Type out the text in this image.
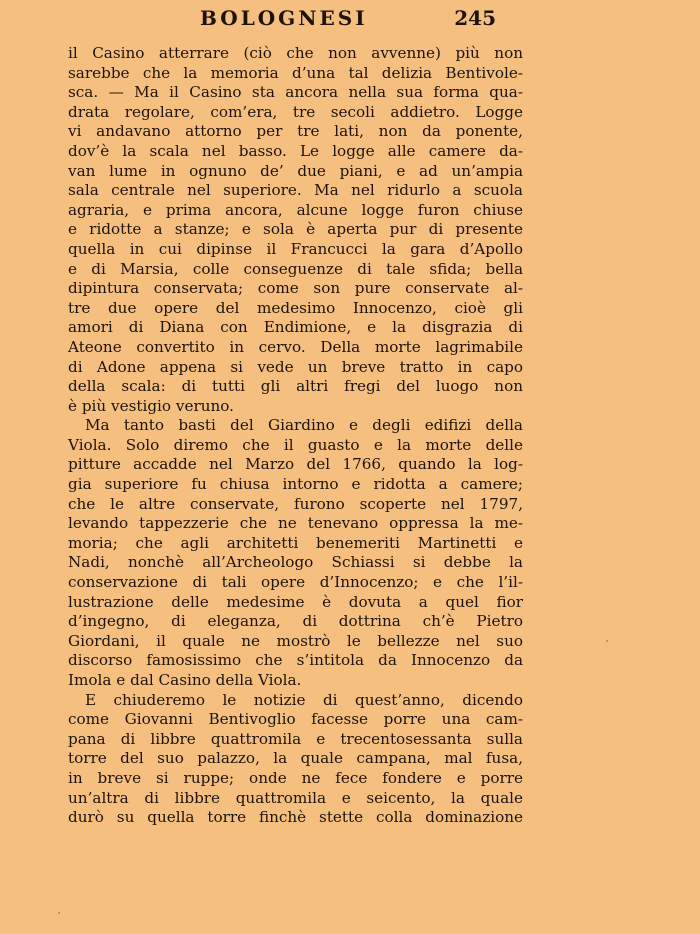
BOLOGNESI	245
il Casino atterrare (ciò che non avvenne) più non
sarebbe che la memoria d’una tal delizia Bentivole-
sca. — Ma il Casino sta ancora nella sua forma qua-
drata regolare, com’era, tre secoli addietro. Logge
vi andavano attorno per tre lati, non da ponente,
dov’è la scala nel basso. Le logge alle camere da-
van lume in ognuno de’ due piani, e ad un’ampia
sala centrale nel superiore. Ma nel ridurlo a scuola
agraria, e prima ancora, alcune logge furon chiuse
e ridotte a stanze; e sola è aperta pur di presente
quella in cui dipinse il Francucci la gara d’Apollo
e di Marsia, colle conseguenze di tale sfida; bella
dipintura conservata; come son pure conservate al-
tre due opere del medesimo Innocenzo, cioè gli
amori di Diana con Endimione, e la disgrazia di
Ateone convertito in cervo. Della morte lagrimabile
di Adone appena si vede un breve tratto in capo
della scala: di tutti gli altri fregi del luogo non
è più vestigio veruno.
Ma tanto basti del Giardino e degli edifizi della
Viola. Solo diremo che il guasto e la morte delle
pitture accadde nel Marzo del 1766, quando la log-
gia superiore fu chiusa intorno e ridotta a camere;
che le altre conservate, furono scoperte nel 1797,
levando tappezzerie che ne tenevano oppressa la me-
moria; che agli architetti benemeriti Martinetti e
Nadi, nonchè all’Archeologo Schiassi si debbe la
conservazione di tali opere d’Innocenzo; e che l’il-
lustrazione delle medesime è dovuta a quel fior
d’ingegno, di eleganza, di dottrina ch’è Pietro
Giordani, il quale ne mostrò le bellezze nel suo
discorso famosissimo che s’intitola da Innocenzo da
Imola e dal Casino della Viola.
E chiuderemo le notizie di quest’anno, dicendo
come Giovanni Bentivoglio facesse porre una cam-
pana di libbre quattromila e trecentosessanta sulla
torre del suo palazzo, la quale campana, mal fusa,
in breve si ruppe; onde ne fece fondere e porre
un’altra di libbre quattromila e seicento, la quale
durò su quella torre finchè stette colla dominazione
